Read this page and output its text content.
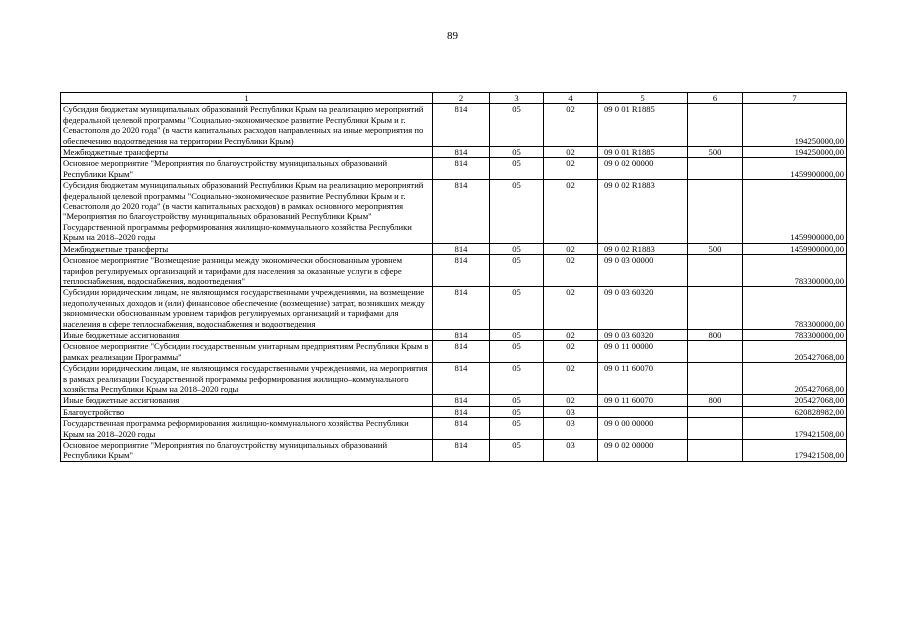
89
1	2	3	4	5	6	7
Субсидия бюджетам муниципальных образований Республики Крым на реализацию мероприятий федеральной целевой программы "Социально-экономическое развитие Республики Крым и г. Севастополя до 2020 года" (в части капитальных расходов направленных на иные мероприятия по обеспечению водоотведения на территории Республики Крым)	814	05	02	09 0 01 R1885		194250000,00
Межбюджетные трансферты	814	05	02	09 0 01 R1885	500	194250000,00
Основное мероприятие "Мероприятия по благоустройству муниципальных образований Республики Крым"	814	05	02	09 0 02 00000		1459900000,00
Субсидия бюджетам муниципальных образований Республики Крым на реализацию мероприятий федеральной целевой программы "Социально-экономическое развитие Республики Крым и г. Севастополя до 2020 года" (в части капитальных расходов) в рамках основного мероприятия "Мероприятия по благоустройству муниципальных образований Республики Крым" Государственной программы реформирования жилищно-коммунального хозяйства Республики Крым на 2018–2020 годы	814	05	02	09 0 02 R1883		1459900000,00
Межбюджетные трансферты	814	05	02	09 0 02 R1883	500	1459900000,00
Основное мероприятие "Возмещение разницы между экономически обоснованным уровнем тарифов регулируемых организаций и тарифами для населения за оказанные услуги в сфере теплоснабжения, водоснабжения, водоотведения"	814	05	02	09 0 03 00000		783300000,00
Субсидии юридическим лицам, не являющимся государственными учреждениями, на возмещение недополученных доходов и (или) финансовое обеспечение (возмещение) затрат, возникших между экономически обоснованным уровнем тарифов регулируемых организаций и тарифами для населения в сфере теплоснабжения, водоснабжения и водоотведения	814	05	02	09 0 03 60320		783300000,00
Иные бюджетные ассигнования	814	05	02	09 0 03 60320	800	783300000,00
Основное мероприятие "Субсидии государственным унитарным предприятиям Республики Крым в рамках реализации Программы"	814	05	02	09 0 11 00000		205427068,00
Субсидии юридическим лицам, не являющимся государственными учреждениями, на мероприятия в рамках реализации Государственной программы реформирования жилищно–коммунального хозяйства Республики Крым на 2018–2020 годы	814	05	02	09 0 11 60070		205427068,00
Иные бюджетные ассигнования	814	05	02	09 0 11 60070	800	205427068,00
Благоустройство	814	05	03			620828982,00
Государственная программа реформирования жилищно-коммунального хозяйства Республики Крым на 2018–2020 годы	814	05	03	09 0 00 00000		179421508,00
Основное мероприятие "Мероприятия по благоустройству муниципальных образований Республики Крым"	814	05	03	09 0 02 00000		179421508,00
